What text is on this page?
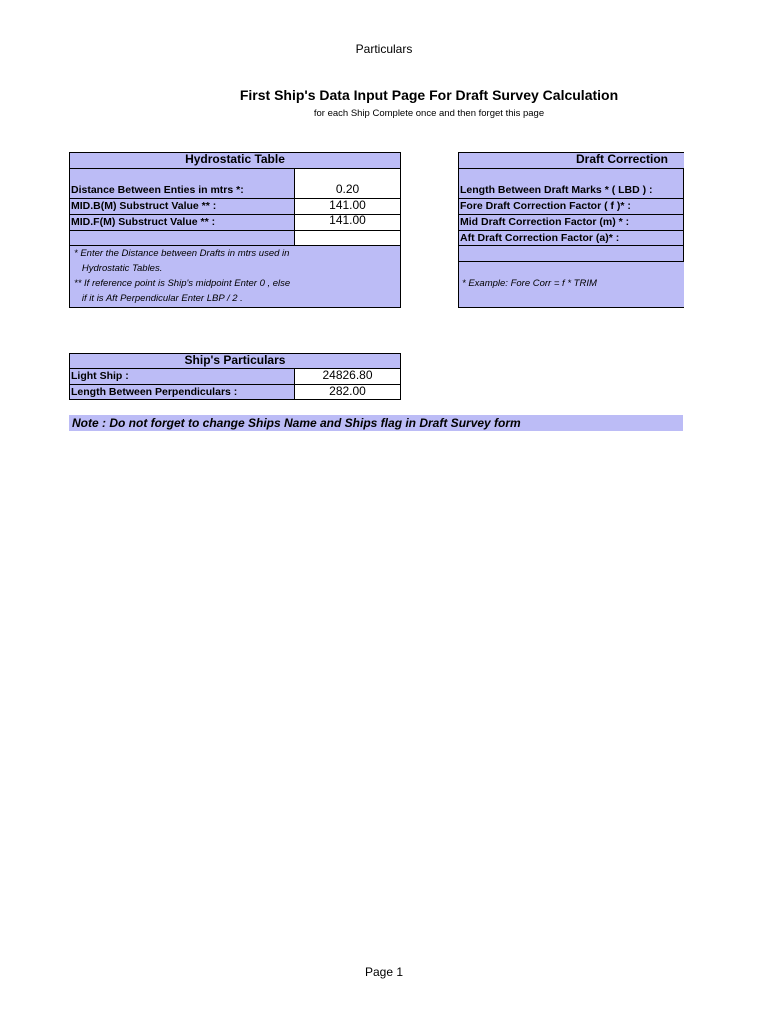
Particulars
First Ship's Data Input Page For Draft Survey Calculation
for each Ship Complete once and then forget this page
Hydrostatic Table
Distance Between Enties in mtrs *:	0.20
MID.B(M) Substruct Value ** :	141.00
MID.F(M) Substruct Value ** :	141.00
* Enter the Distance between Drafts in mtrs used in
Hydrostatic Tables.
** If reference point is Ship's midpoint Enter 0 , else
if it is Aft Perpendicular Enter LBP / 2 .
Draft Correction
Length Between Draft Marks * ( LBD ) :
Fore Draft Correction Factor ( f )* :
Mid Draft Correction Factor (m) * :
Aft Draft Correction Factor (a)* :
* Example: Fore Corr = f * TRIM
Ship's Particulars
Light Ship :	24826.80
Length Between Perpendiculars :	282.00
Note : Do not forget to change Ships Name and Ships flag in Draft Survey form
Page 1
